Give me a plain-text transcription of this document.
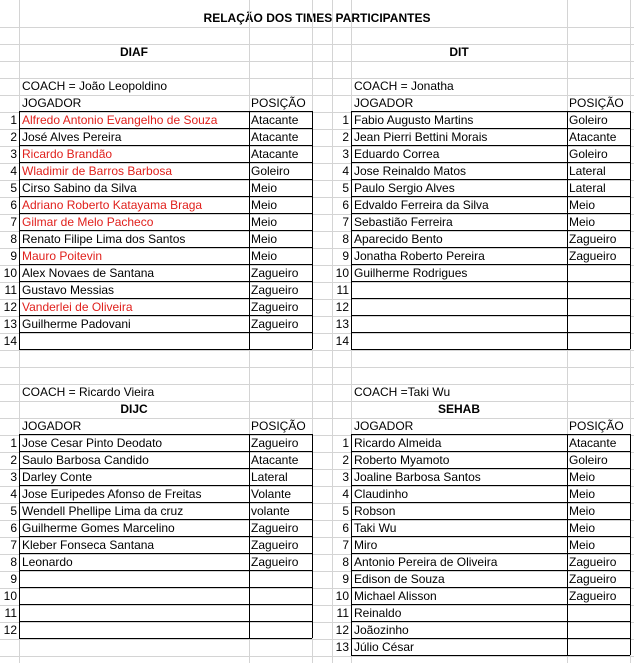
RELAÇÃO DOS TIMES PARTICIPANTES
DIAF
COACH = João Leopoldino
JOGADOR	POSIÇÃO
1 Alfredo Antonio Evangelho de Souza	Atacante
2 José Alves Pereira	Atacante
3 Ricardo Brandão	Atacante
4 Wladimir de Barros Barbosa	Goleiro
5 Cirso Sabino da Silva	Meio
6 Adriano Roberto Katayama Braga	Meio
7 Gilmar de Melo Pacheco	Meio
8 Renato Filipe Lima dos Santos	Meio
9 Mauro Poitevin	Meio
10 Alex Novaes de Santana	Zagueiro
11 Gustavo Messias	Zagueiro
12 Vanderlei de Oliveira	Zagueiro
13 Guilherme Padovani	Zagueiro
14
DIT
COACH = Jonatha
JOGADOR	POSIÇÃO
1 Fabio Augusto Martins	Goleiro
2 Jean Pierri Bettini Morais	Atacante
3 Eduardo Correa	Goleiro
4 Jose Reinaldo Matos	Lateral
5 Paulo Sergio Alves	Lateral
6 Edvaldo Ferreira da Silva	Meio
7 Sebastião Ferreira	Meio
8 Aparecido Bento	Zagueiro
9 Jonatha Roberto Pereira	Zagueiro
10 Guilherme Rodrigues
11
12
13
14
DIJC
COACH = Ricardo Vieira
JOGADOR	POSIÇÃO
1 Jose Cesar Pinto Deodato	Zagueiro
2 Saulo Barbosa Candido	Atacante
3 Darley Conte	Lateral
4 Jose Euripedes Afonso de Freitas	Volante
5 Wendell Phellipe Lima da cruz	volante
6 Guilherme Gomes Marcelino	Zagueiro
7 Kleber Fonseca Santana	Zagueiro
8 Leonardo	Zagueiro
9
10
11
12
SEHAB
COACH =Taki Wu
JOGADOR	POSIÇÃO
1 Ricardo Almeida	Atacante
2 Roberto Myamoto	Goleiro
3 Joaline Barbosa Santos	Meio
4 Claudinho	Meio
5 Robson	Meio
6 Taki Wu	Meio
7 Miro	Meio
8 Antonio Pereira de Oliveira	Zagueiro
9 Edison de Souza	Zagueiro
10 Michael Alisson	Zagueiro
11 Reinaldo
12 Joãozinho
13 Júlio César
